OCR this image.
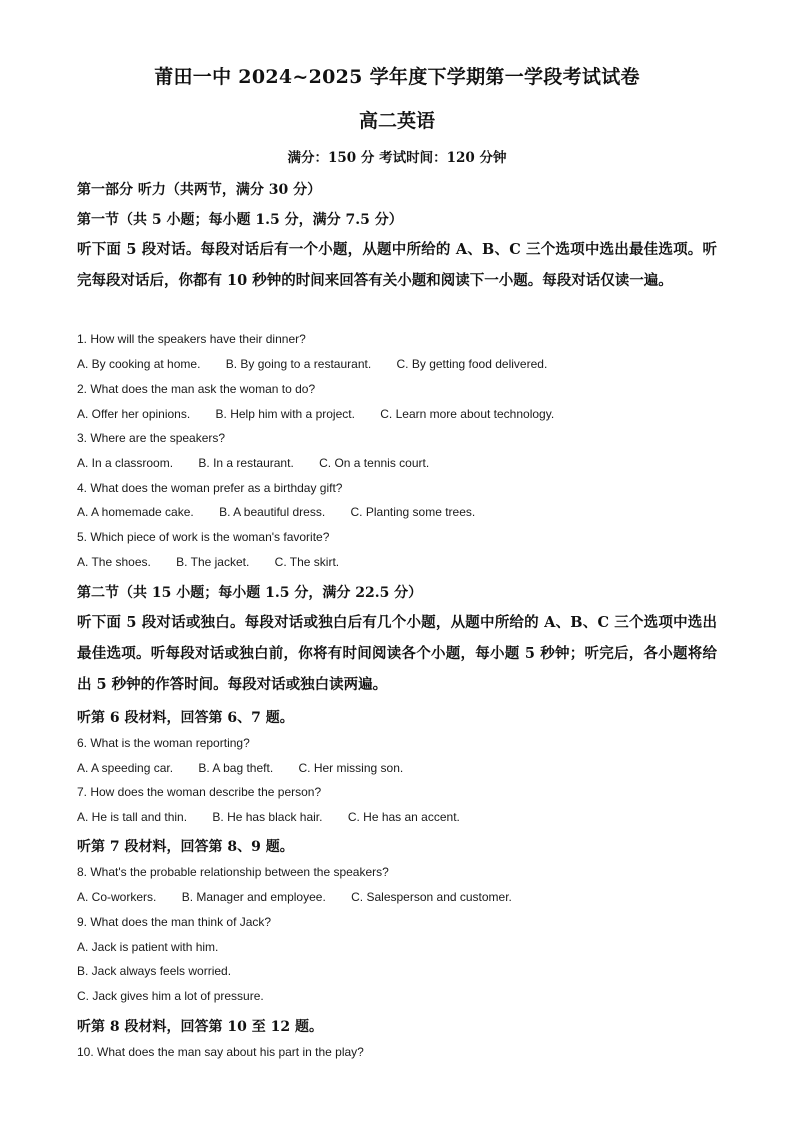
莆田一中 2024~2025 学年度下学期第一学段考试试卷
高二英语
满分：150 分 考试时间：120 分钟
第一部分 听力（共两节，满分 30 分）
第一节（共 5 小题；每小题 1.5 分，满分 7.5 分）
听下面 5 段对话。每段对话后有一个小题，从题中所给的 A、B、C 三个选项中选出最佳选项。听完每段对话后，你都有 10 秒钟的时间来回答有关小题和阅读下一小题。每段对话仅读一遍。
1. How will the speakers have their dinner?
A. By cooking at home. B. By going to a restaurant. C. By getting food delivered.
2. What does the man ask the woman to do?
A. Offer her opinions. B. Help him with a project. C. Learn more about technology.
3. Where are the speakers?
A. In a classroom. B. In a restaurant. C. On a tennis court.
4. What does the woman prefer as a birthday gift?
A. A homemade cake. B. A beautiful dress. C. Planting some trees.
5. Which piece of work is the woman's favorite?
A. The shoes. B. The jacket. C. The skirt.
第二节（共 15 小题；每小题 1.5 分，满分 22.5 分）
听下面 5 段对话或独白。每段对话或独白后有几个小题，从题中所给的 A、B、C 三个选项中选出最佳选项。听每段对话或独白前，你将有时间阅读各个小题，每小题 5 秒钟；听完后，各小题将给出 5 秒钟的作答时间。每段对话或独白读两遍。
听第 6 段材料，回答第 6、7 题。
6. What is the woman reporting?
A. A speeding car. B. A bag theft. C. Her missing son.
7. How does the woman describe the person?
A. He is tall and thin. B. He has black hair. C. He has an accent.
听第 7 段材料，回答第 8、9 题。
8. What's the probable relationship between the speakers?
A. Co-workers. B. Manager and employee. C. Salesperson and customer.
9. What does the man think of Jack?
A. Jack is patient with him.
B. Jack always feels worried.
C. Jack gives him a lot of pressure.
听第 8 段材料，回答第 10 至 12 题。
10. What does the man say about his part in the play?
